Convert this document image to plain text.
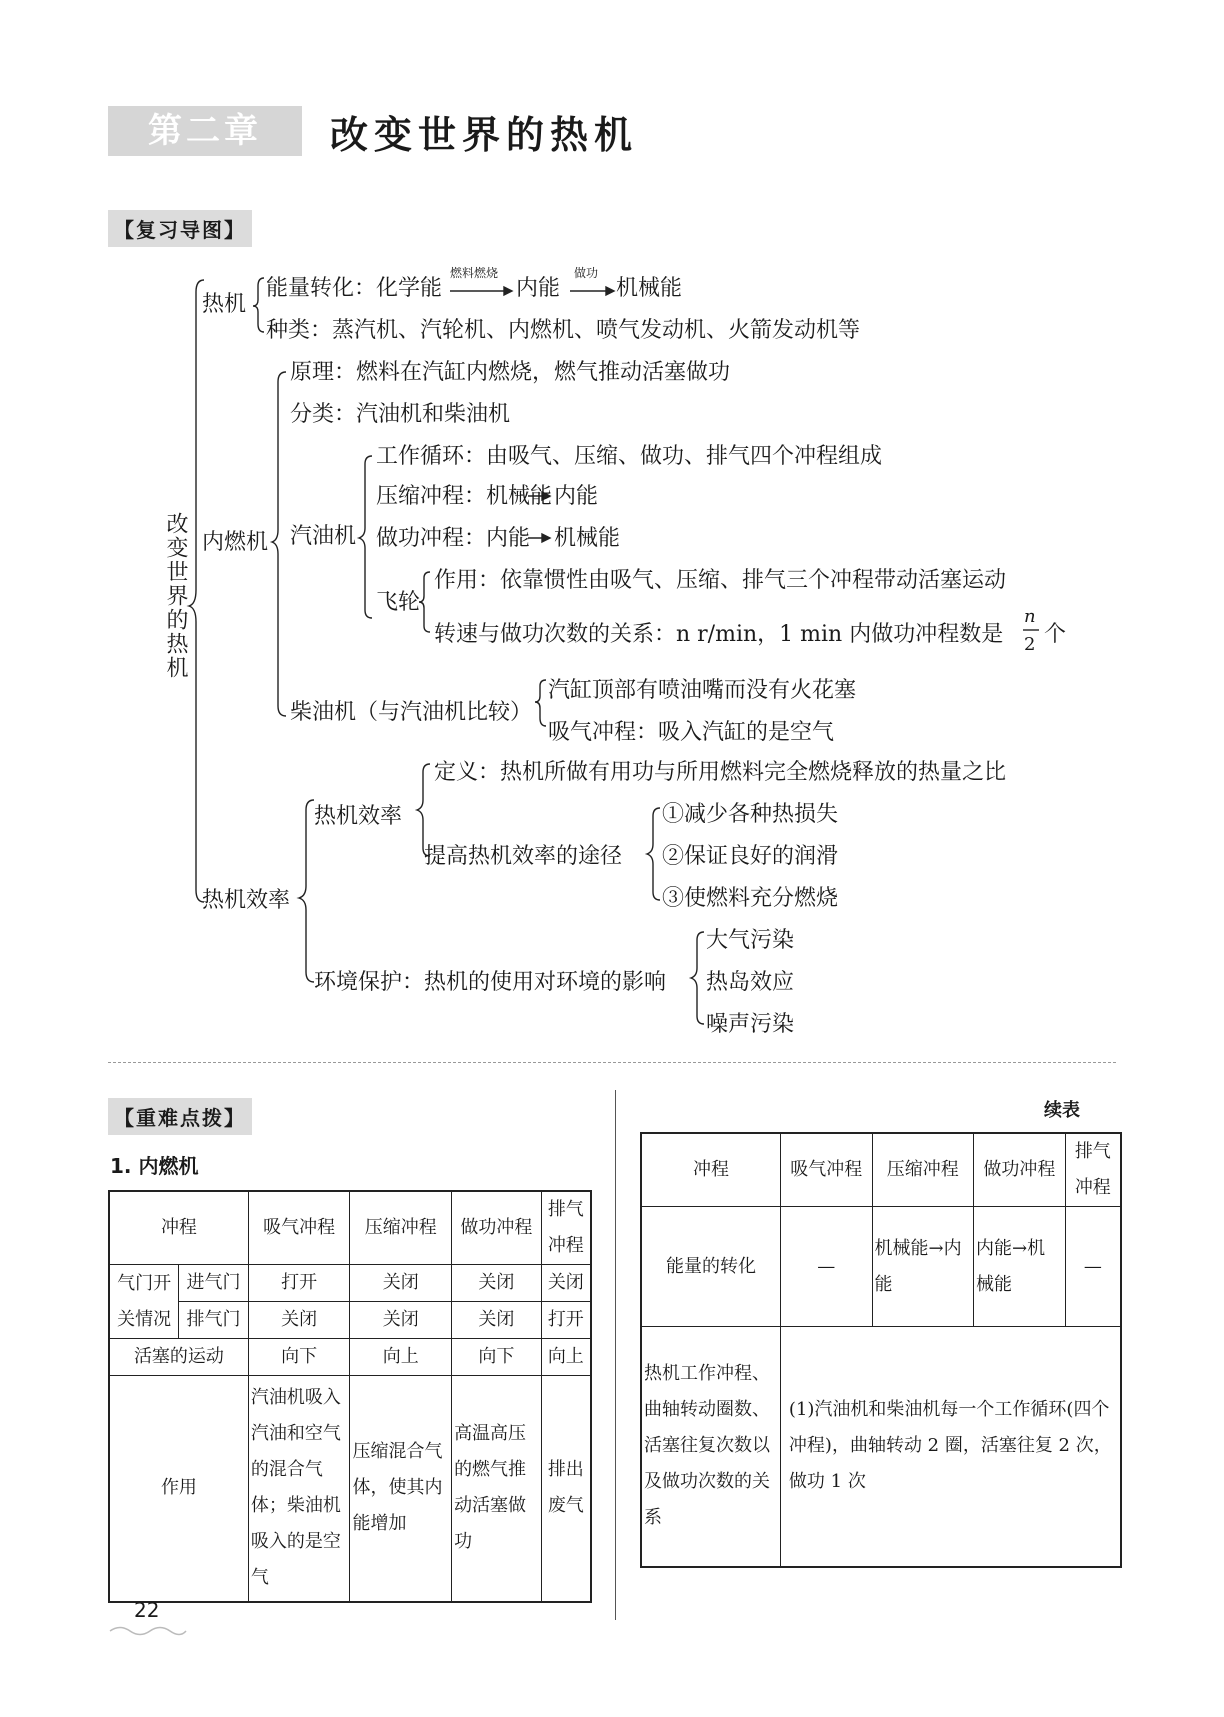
第二章	改变世界的热机
【复习导图】
改变世界的热机
热机
能量转化：化学能
燃料燃烧
内能
做功
机械能
种类：蒸汽机、汽轮机、内燃机、喷气发动机、火箭发动机等
内燃机
原理：燃料在汽缸内燃烧，燃气推动活塞做功
分类：汽油机和柴油机
汽油机
工作循环：由吸气、压缩、做功、排气四个冲程组成
压缩冲程：机械能 内能
做功冲程：内能 机械能
飞轮
作用：依靠惯性由吸气、压缩、排气三个冲程带动活塞运动
转速与做功次数的关系：n r/min，1 min 内做功冲程数是
n
2 个
柴油机（与汽油机比较）
汽缸顶部有喷油嘴而没有火花塞
吸气冲程：吸入汽缸的是空气
热机效率
热机效率
定义：热机所做有用功与所用燃料完全燃烧释放的热量之比
提高热机效率的途径
①减少各种热损失
②保证良好的润滑
③使燃料充分燃烧
环境保护：热机的使用对环境的影响
大气污染
热岛效应
噪声污染
【重难点拨】
1. 内燃机
冲程		吸气冲程	压缩冲程	做功冲程	排气冲程
气门开关情况	进气门	打开	关闭	关闭	关闭
	排气门	关闭	关闭	关闭	打开
活塞的运动		向下	向上	向下	向上
作用		汽油机吸入汽油和空气的混合气体；柴油机吸入的是空气	压缩混合气体，使其内能增加	高温高压的燃气推动活塞做功	排出废气
续表
冲程	吸气冲程	压缩冲程	做功冲程	排气冲程
能量的转化	—	机械能→内能	内能→机械能	—
热机工作冲程、曲轴转动圈数、活塞往复次数以及做功次数的关系	(1)汽油机和柴油机每一个工作循环(四个冲程)，曲轴转动 2 圈，活塞往复 2 次，做功 1 次			
22
